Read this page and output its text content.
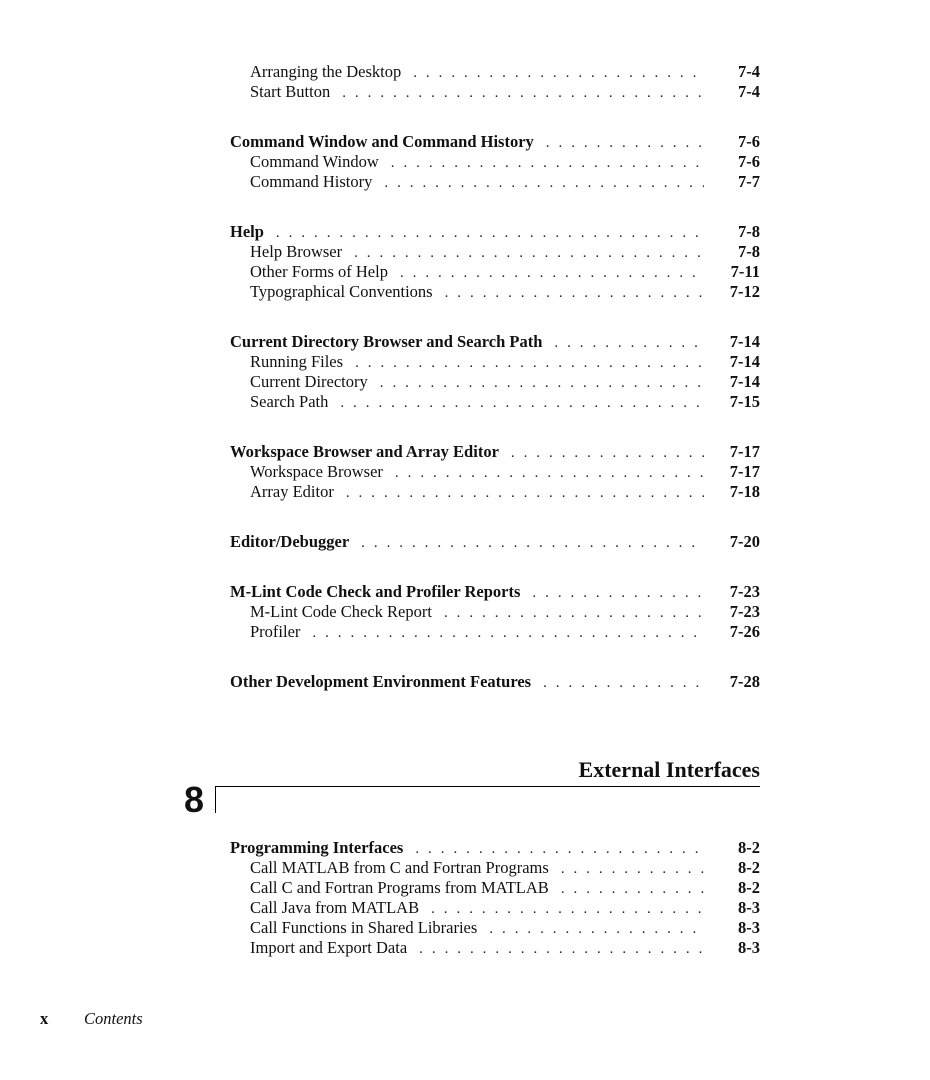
Arranging the Desktop . . .	7-4
Start Button . . .	7-4
Command Window and Command History . . .	7-6
Command Window . . .	7-6
Command History . . .	7-7
Help . . .	7-8
Help Browser . . .	7-8
Other Forms of Help . . .	7-11
Typographical Conventions . . .	7-12
Current Directory Browser and Search Path . . .	7-14
Running Files . . .	7-14
Current Directory . . .	7-14
Search Path . . .	7-15
Workspace Browser and Array Editor . . .	7-17
Workspace Browser . . .	7-17
Array Editor . . .	7-18
Editor/Debugger . . .	7-20
M-Lint Code Check and Profiler Reports . . .	7-23
M-Lint Code Check Report . . .	7-23
Profiler . . .	7-26
Other Development Environment Features . . .	7-28
External Interfaces
8
Programming Interfaces . . .	8-2
Call MATLAB from C and Fortran Programs . . .	8-2
Call C and Fortran Programs from MATLAB . . .	8-2
Call Java from MATLAB . . .	8-3
Call Functions in Shared Libraries . . .	8-3
Import and Export Data . . .	8-3
x Contents
